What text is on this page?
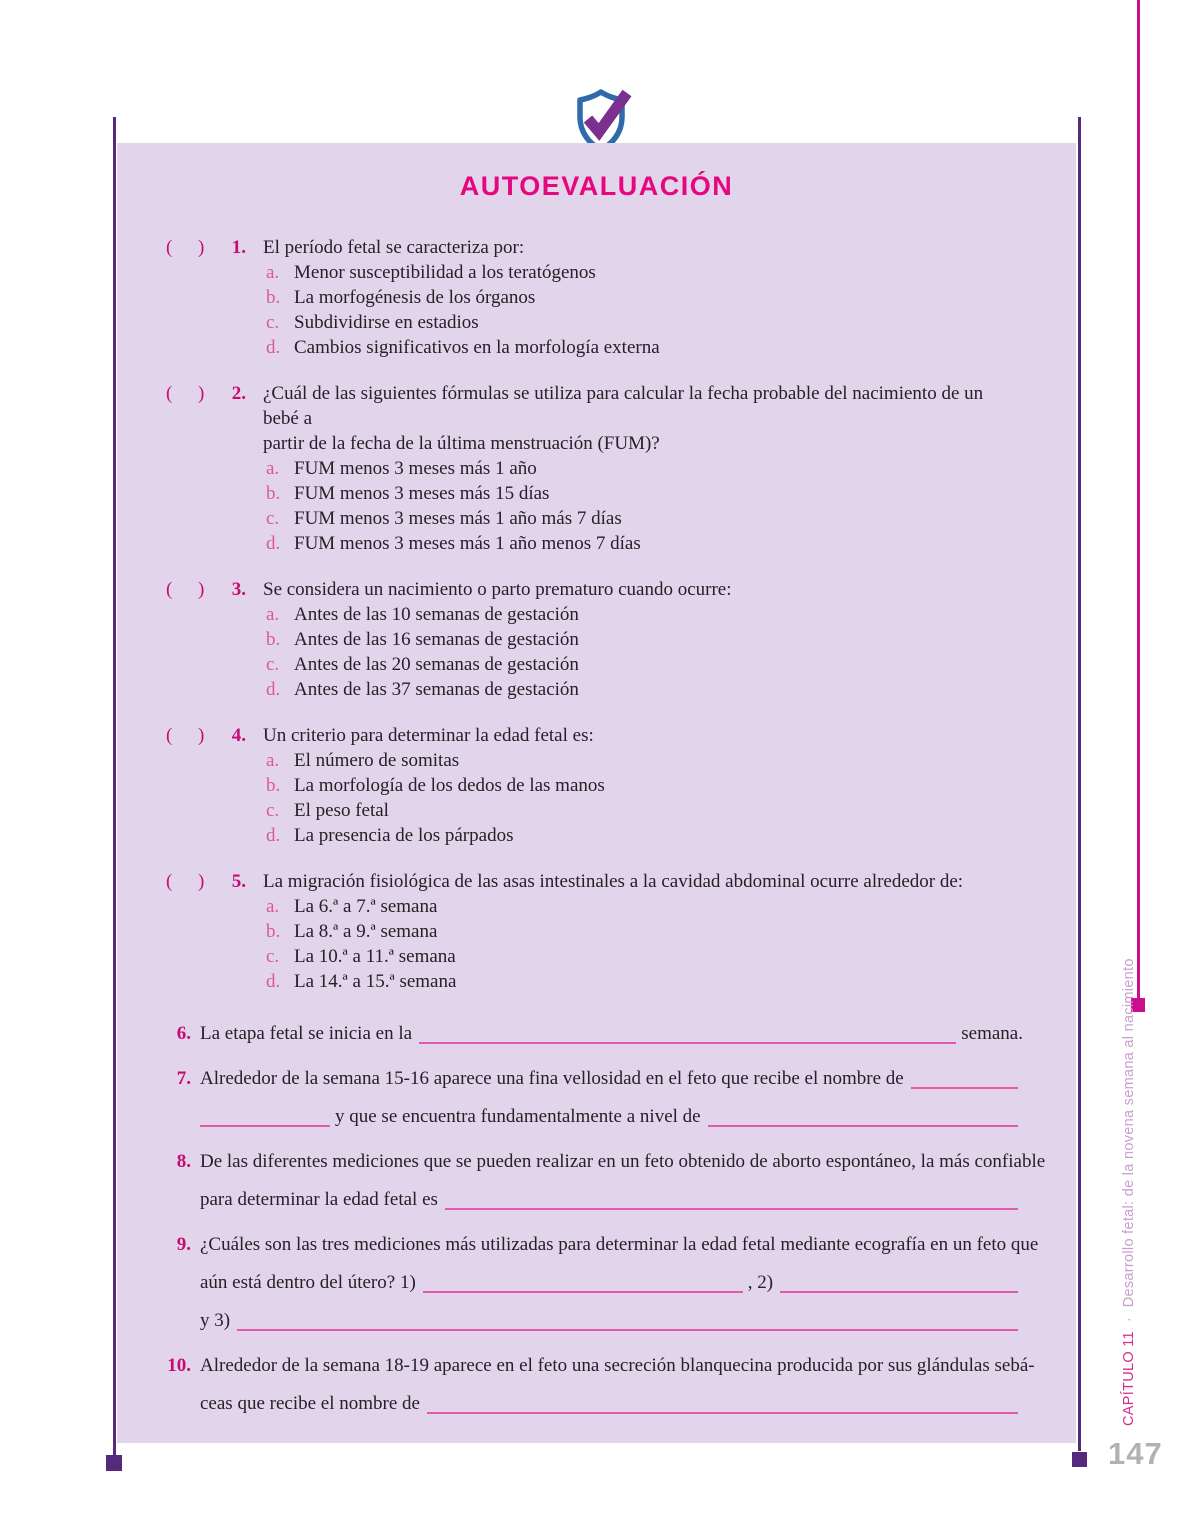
AUTOEVALUACIÓN
(	)	1. El período fetal se caracteriza por:
a. Menor susceptibilidad a los teratógenos
b. La morfogénesis de los órganos
c. Subdividirse en estadios
d. Cambios significativos en la morfología externa
(	)	2. ¿Cuál de las siguientes fórmulas se utiliza para calcular la fecha probable del nacimiento de un bebé a
partir de la fecha de la última menstruación (FUM)?
a. FUM menos 3 meses más 1 año
b. FUM menos 3 meses más 15 días
c. FUM menos 3 meses más 1 año más 7 días
d. FUM menos 3 meses más 1 año menos 7 días
(	)	3. Se considera un nacimiento o parto prematuro cuando ocurre:
a. Antes de las 10 semanas de gestación
b. Antes de las 16 semanas de gestación
c. Antes de las 20 semanas de gestación
d. Antes de las 37 semanas de gestación
(	)	4. Un criterio para determinar la edad fetal es:
a. El número de somitas
b. La morfología de los dedos de las manos
c. El peso fetal
d. La presencia de los párpados
(	)	5. La migración fisiológica de las asas intestinales a la cavidad abdominal ocurre alrededor de:
a. La 6.ª a 7.ª semana
b. La 8.ª a 9.ª semana
c. La 10.ª a 11.ª semana
d. La 14.ª a 15.ª semana
6. La etapa fetal se inicia en la	semana.
7. Alrededor de la semana 15-16 aparece una fina vellosidad en el feto que recibe el nombre de
y que se encuentra fundamentalmente a nivel de
8. De las diferentes mediciones que se pueden realizar en un feto obtenido de aborto espontáneo, la más confiable
para determinar la edad fetal es
9. ¿Cuáles son las tres mediciones más utilizadas para determinar la edad fetal mediante ecografía en un feto que
aún está dentro del útero? 1)	, 2)
y 3)
10. Alrededor de la semana 18-19 aparece en el feto una secreción blanquecina producida por sus glándulas sebá-
ceas que recibe el nombre de	CAPÍTULO 11 · Desarrollo fetal: de la novena semana al nacimiento
147
